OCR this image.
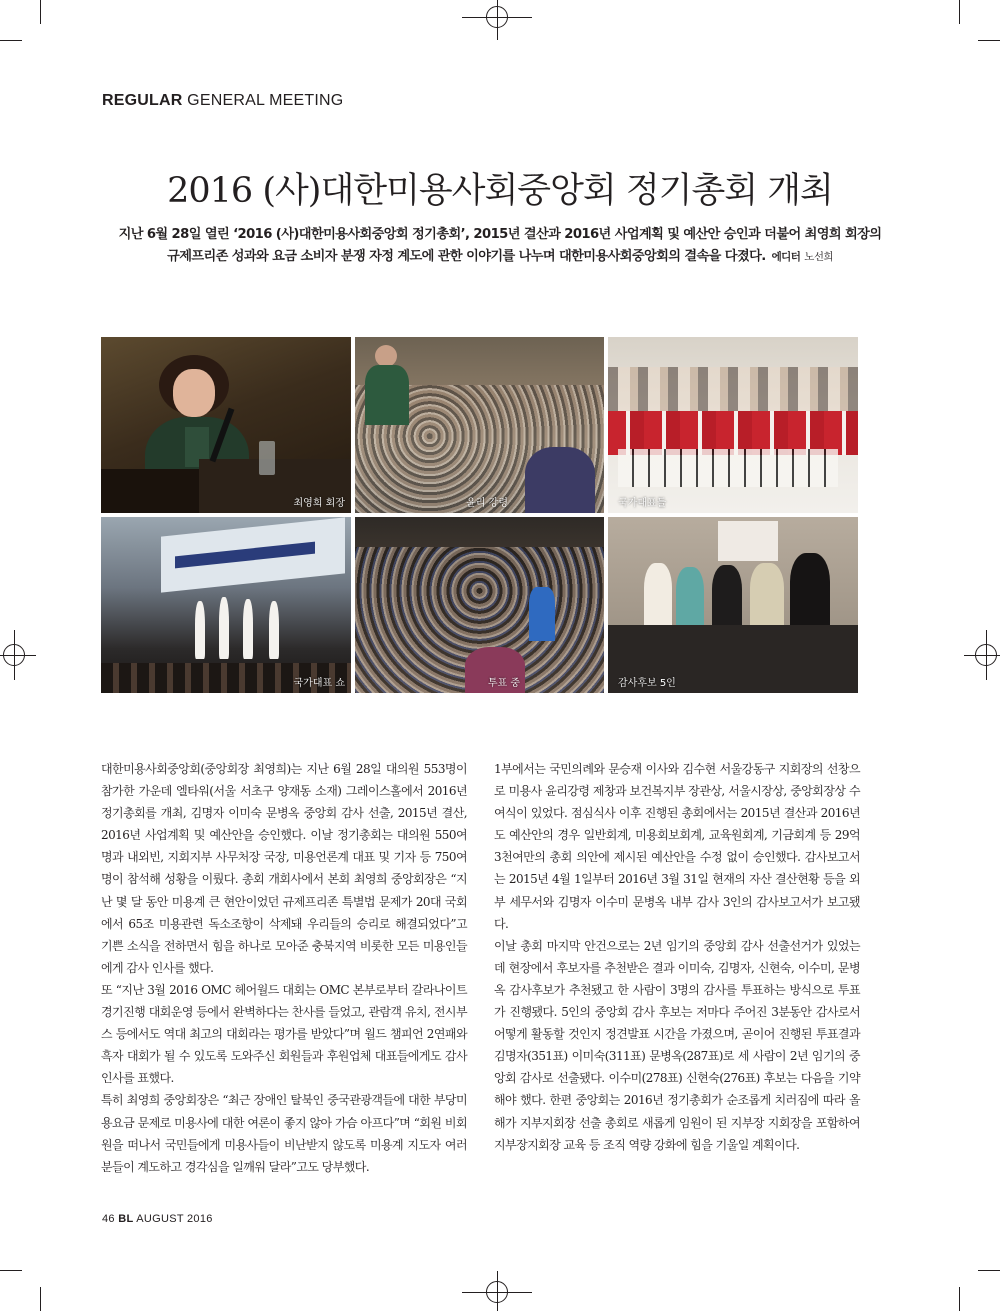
REGULAR GENERAL MEETING
2016 (사)대한미용사회중앙회 정기총회 개최
지난 6월 28일 열린 ‘2016 (사)대한미용사회중앙회 정기총회’, 2015년 결산과 2016년 사업계획 및 예산안 승인과 더불어 최영희 회장의
규제프리존 성과와 요금 소비자 분쟁 자정 계도에 관한 이야기를 나누며 대한미용사회중앙회의 결속을 다졌다. 에디터 노선희
최영희 회장	윤리 강령	국가대표들
국가대표 쇼	투표 중	감사후보 5인

대한미용사회중앙회(중앙회장 최영희)는 지난 6월 28일 대의원 553명이 참가한 가운데 엘타워(서울 서초구 양재동 소재) 그레이스홀에서 2016년 정기총회를 개최, 김명자 이미숙 문병옥 중앙회 감사 선출, 2015년 결산, 2016년 사업계획 및 예산안을 승인했다. 이날 정기총회는 대의원 550여명과 내외빈, 지회지부 사무처장 국장, 미용언론계 대표 및 기자 등 750여명이 참석해 성황을 이뤘다. 총회 개회사에서 본회 최영희 중앙회장은 “지난 몇 달 동안 미용계 큰 현안이었던 규제프리존 특별법 문제가 20대 국회에서 65조 미용관련 독소조항이 삭제돼 우리들의 승리로 해결되었다”고 기쁜 소식을 전하면서 힘을 하나로 모아준 충북지역 비롯한 모든 미용인들에게 감사 인사를 했다.

또 “지난 3월 2016 OMC 헤어월드 대회는 OMC 본부로부터 갈라나이트 경기진행 대회운영 등에서 완벽하다는 찬사를 들었고, 관람객 유치, 전시부스 등에서도 역대 최고의 대회라는 평가를 받았다”며 월드 챔피언 2연패와 흑자 대회가 될 수 있도록 도와주신 회원들과 후원업체 대표들에게도 감사 인사를 표했다.

특히 최영희 중앙회장은 “최근 장애인 탈북인 중국관광객들에 대한 부당미용요금 문제로 미용사에 대한 여론이 좋지 않아 가슴 아프다”며 “회원 비회원을 떠나서 국민들에게 미용사들이 비난받지 않도록 미용계 지도자 여러분들이 계도하고 경각심을 일깨워 달라”고도 당부했다.

1부에서는 국민의례와 문승재 이사와 김수현 서울강동구 지회장의 선창으로 미용사 윤리강령 제창과 보건복지부 장관상, 서울시장상, 중앙회장상 수여식이 있었다. 점심식사 이후 진행된 총회에서는 2015년 결산과 2016년도 예산안의 경우 일반회계, 미용회보회계, 교육원회계, 기금회계 등 29억3천여만의 총회 의안에 제시된 예산안을 수정 없이 승인했다. 감사보고서는 2015년 4월 1일부터 2016년 3월 31일 현재의 자산 결산현황 등을 외부 세무서와 김명자 이수미 문병옥 내부 감사 3인의 감사보고서가 보고됐다.

이날 총회 마지막 안건으로는 2년 임기의 중앙회 감사 선출선거가 있었는데 현장에서 후보자를 추천받은 결과 이미숙, 김명자, 신현숙, 이수미, 문병옥 감사후보가 추천됐고 한 사람이 3명의 감사를 투표하는 방식으로 투표가 진행됐다. 5인의 중앙회 감사 후보는 저마다 주어진 3분동안 감사로서 어떻게 활동할 것인지 정견발표 시간을 가졌으며, 곧이어 진행된 투표결과 김명자(351표) 이미숙(311표) 문병옥(287표)로 세 사람이 2년 임기의 중앙회 감사로 선출됐다. 이수미(278표) 신현숙(276표) 후보는 다음을 기약해야 했다. 한편 중앙회는 2016년 정기총회가 순조롭게 치러짐에 따라 올해가 지부지회장 선출 총회로 새롭게 임원이 된 지부장 지회장을 포함하여 지부장지회장 교육 등 조직 역량 강화에 힘을 기울일 계획이다.

46 BL AUGUST 2016
